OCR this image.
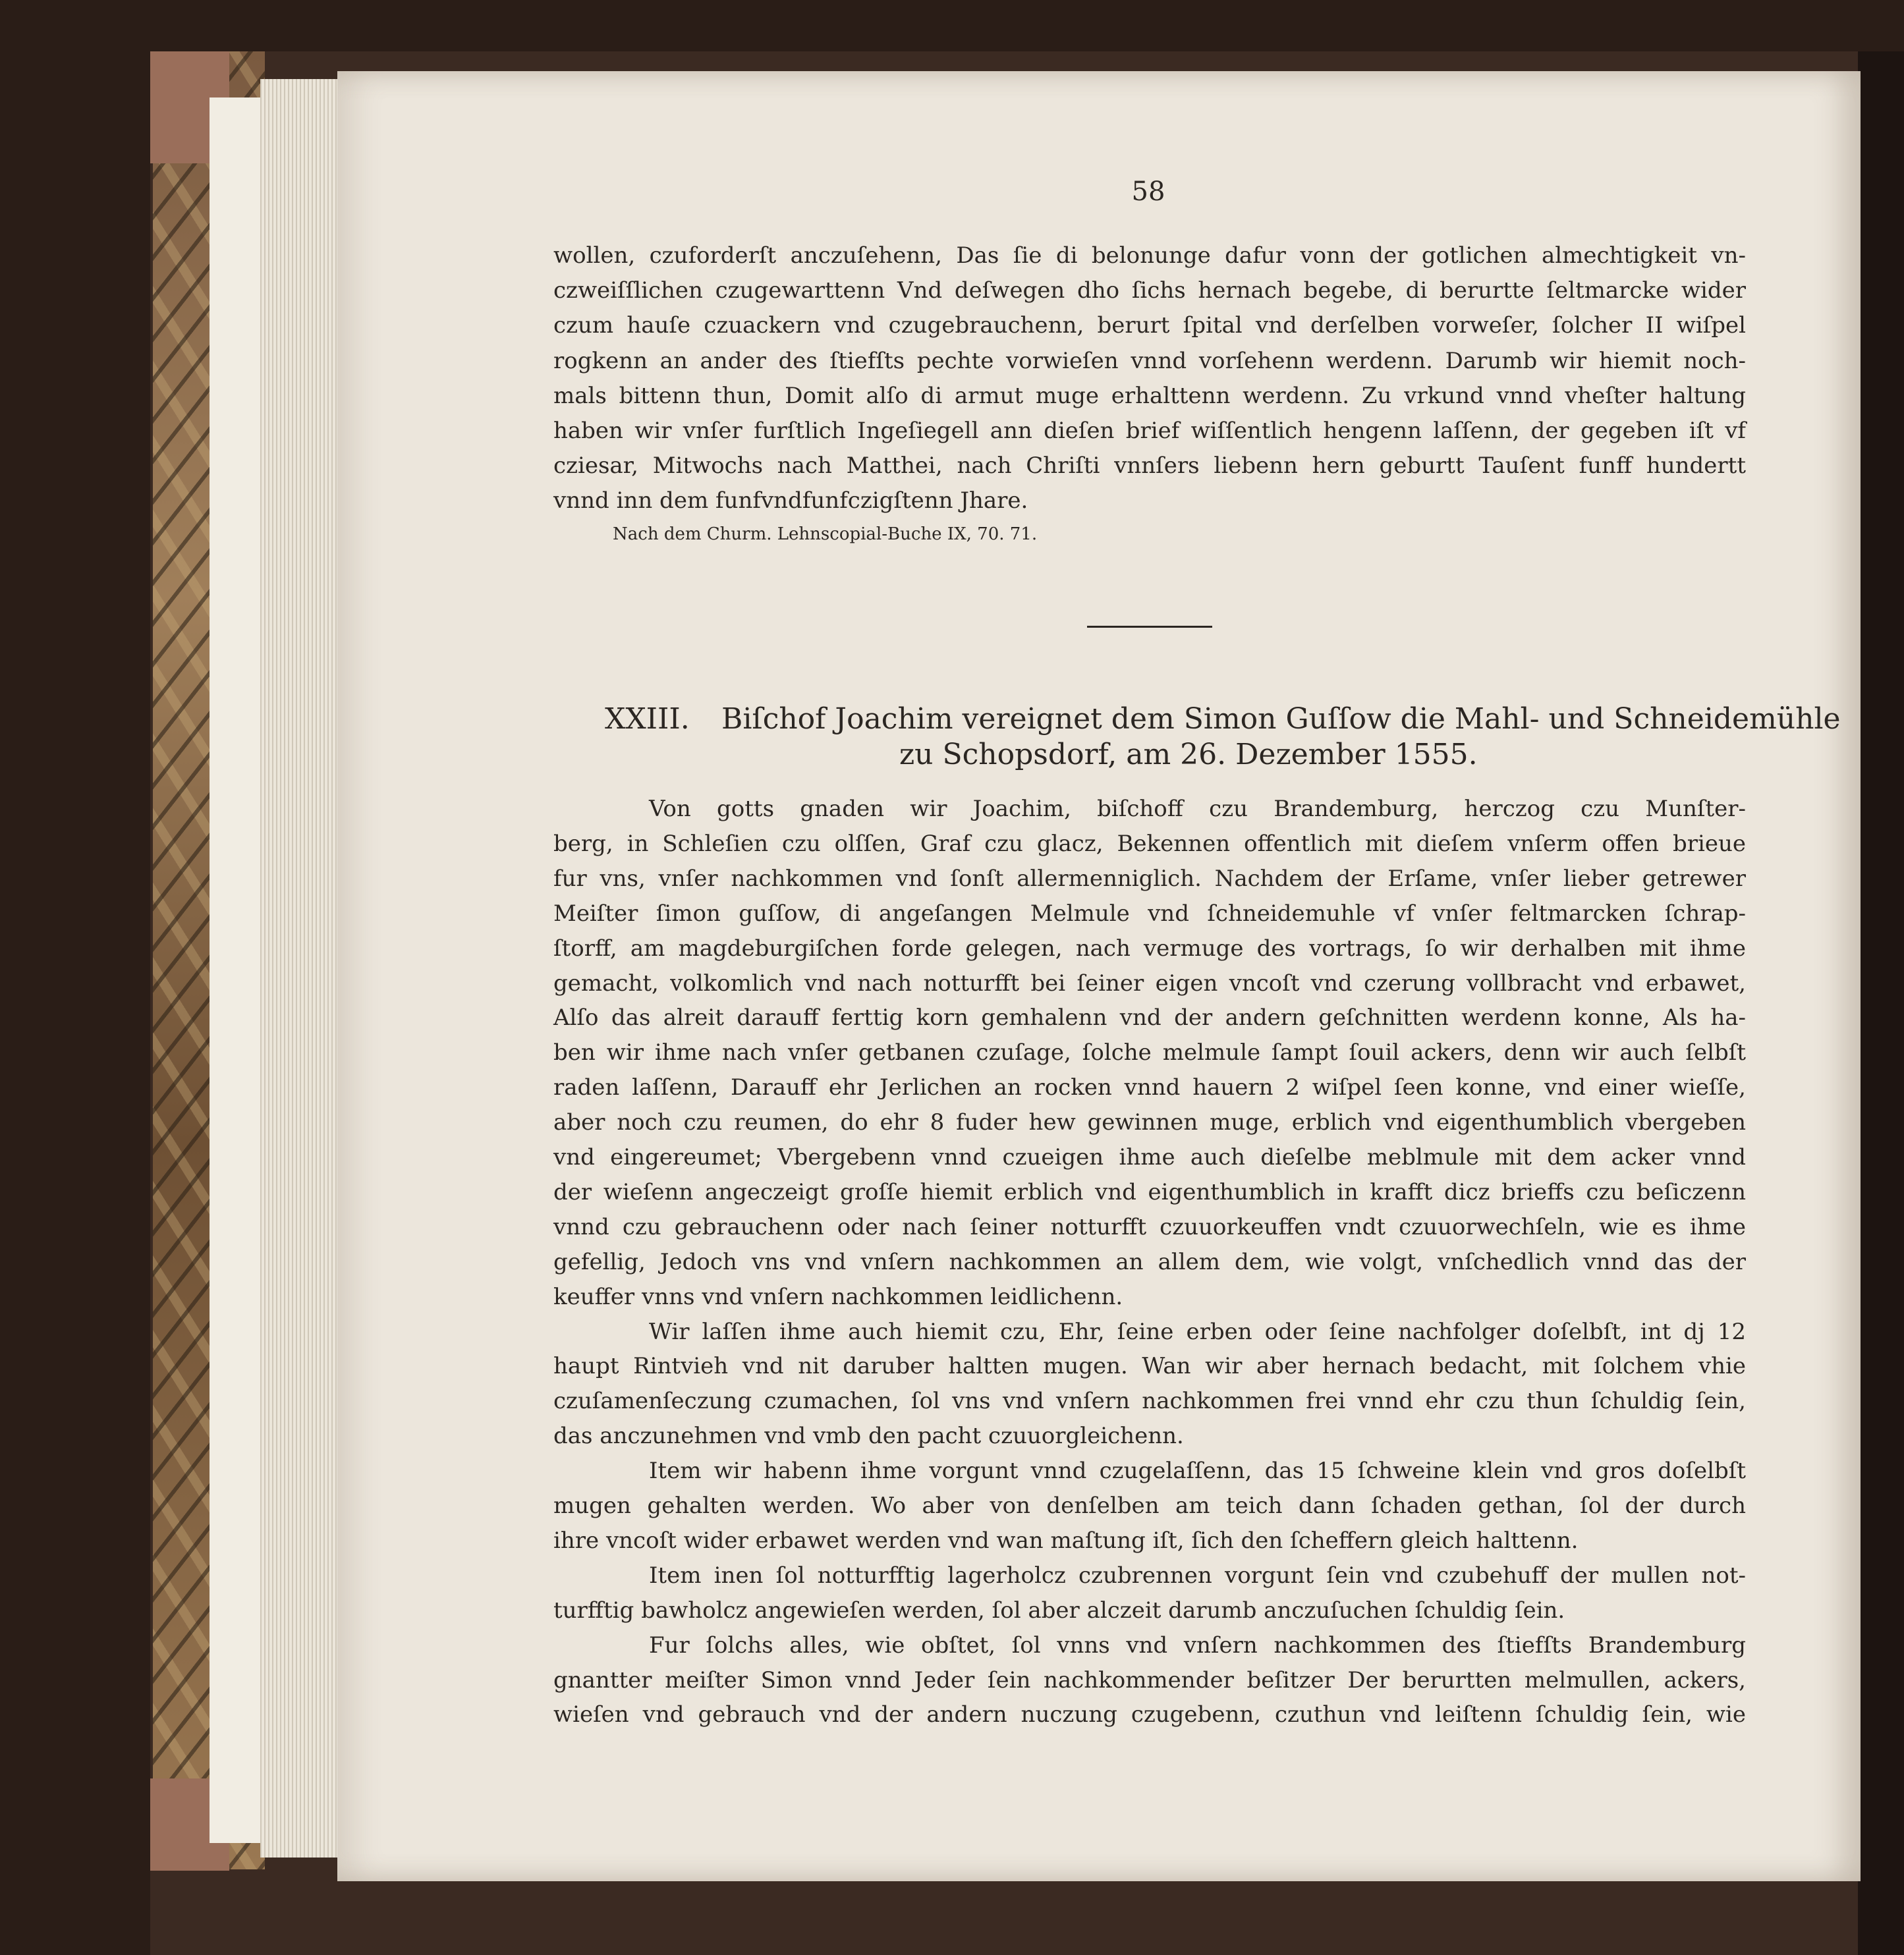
58
wollen, czuforderſt anczuſehenn, Das ſie di belonunge dafur vonn der gotlichen almechtigkeit vn-
czweiſſlichen czugewarttenn Vnd deſwegen dho ſichs hernach begebe, di berurtte ſeltmarcke wider
czum hauſe czuackern vnd czugebrauchenn, berurt ſpital vnd derſelben vorweſer, ſolcher II wiſpel
rogkenn an ander des ſtiefſts pechte vorwieſen vnnd vorſehenn werdenn. Darumb wir hiemit noch-
mals bittenn thun, Domit alſo di armut muge erhalttenn werdenn. Zu vrkund vnnd vheſter haltung
haben wir vnſer furſtlich Ingeſiegell ann dieſen brief wiſſentlich hengenn laſſenn, der gegeben iſt vf
cziesar, Mitwochs nach Matthei, nach Chriſti vnnſers liebenn hern geburtt Tauſent funff hundertt
vnnd inn dem funfvndfunfczigſtenn Jhare.
Nach dem Churm. Lehnscopial-Buche IX, 70. 71.
XXIII. Biſchof Joachim vereignet dem Simon Guſſow die Mahl- und Schneidemühle
zu Schopsdorf, am 26. Dezember 1555.
Von gotts gnaden wir Joachim, biſchoff czu Brandemburg, herczog czu Munſter-
berg, in Schleſien czu olſſen, Graf czu glacz, Bekennen offentlich mit dieſem vnſerm offen brieue
fur vns, vnſer nachkommen vnd ſonſt allermenniglich. Nachdem der Erſame, vnſer lieber getrewer
Meiſter ſimon guſſow, di angeſangen Melmule vnd ſchneidemuhle vf vnſer feltmarcken ſchrap-
ſtorff, am magdeburgiſchen forde gelegen, nach vermuge des vortrags, ſo wir derhalben mit ihme
gemacht, volkomlich vnd nach notturfft bei ſeiner eigen vncoſt vnd czerung vollbracht vnd erbawet,
Alſo das alreit darauff ferttig korn gemhalenn vnd der andern geſchnitten werdenn konne, Als ha-
ben wir ihme nach vnſer getbanen czuſage, ſolche melmule ſampt ſouil ackers, denn wir auch ſelbſt
raden laſſenn, Darauff ehr Jerlichen an rocken vnnd hauern 2 wiſpel ſeen konne, vnd einer wieſſe,
aber noch czu reumen, do ehr 8 fuder hew gewinnen muge, erblich vnd eigenthumblich vbergeben
vnd eingereumet; Vbergebenn vnnd czueigen ihme auch dieſelbe meblmule mit dem acker vnnd
der wieſenn angeczeigt groſſe hiemit erblich vnd eigenthumblich in krafft dicz brieffs czu beſiczenn
vnnd czu gebrauchenn oder nach ſeiner notturfft czuuorkeuffen vndt czuuorwechſeln, wie es ihme
gefellig, Jedoch vns vnd vnſern nachkommen an allem dem, wie volgt, vnſchedlich vnnd das der
keuffer vnns vnd vnſern nachkommen leidlichenn.
Wir laſſen ihme auch hiemit czu, Ehr, ſeine erben oder ſeine nachfolger doſelbſt, int dj 12
haupt Rintvieh vnd nit daruber haltten mugen. Wan wir aber hernach bedacht, mit ſolchem vhie
czuſamenſeczung czumachen, ſol vns vnd vnſern nachkommen frei vnnd ehr czu thun ſchuldig ſein,
das anczunehmen vnd vmb den pacht czuuorgleichenn.
Item wir habenn ihme vorgunt vnnd czugelaſſenn, das 15 ſchweine klein vnd gros doſelbſt
mugen gehalten werden. Wo aber von denſelben am teich dann ſchaden gethan, ſol der durch
ihre vncoſt wider erbawet werden vnd wan maſtung iſt, ſich den ſcheffern gleich halttenn.
Item inen ſol notturfftig lagerholcz czubrennen vorgunt ſein vnd czubehuff der mullen not-
turfftig bawholcz angewieſen werden, ſol aber alczeit darumb anczuſuchen ſchuldig ſein.
Fur ſolchs alles, wie obſtet, ſol vnns vnd vnſern nachkommen des ſtiefſts Brandemburg
gnantter meiſter Simon vnnd Jeder ſein nachkommender beſitzer Der berurtten melmullen, ackers,
wieſen vnd gebrauch vnd der andern nuczung czugebenn, czuthun vnd leiſtenn ſchuldig ſein, wie
